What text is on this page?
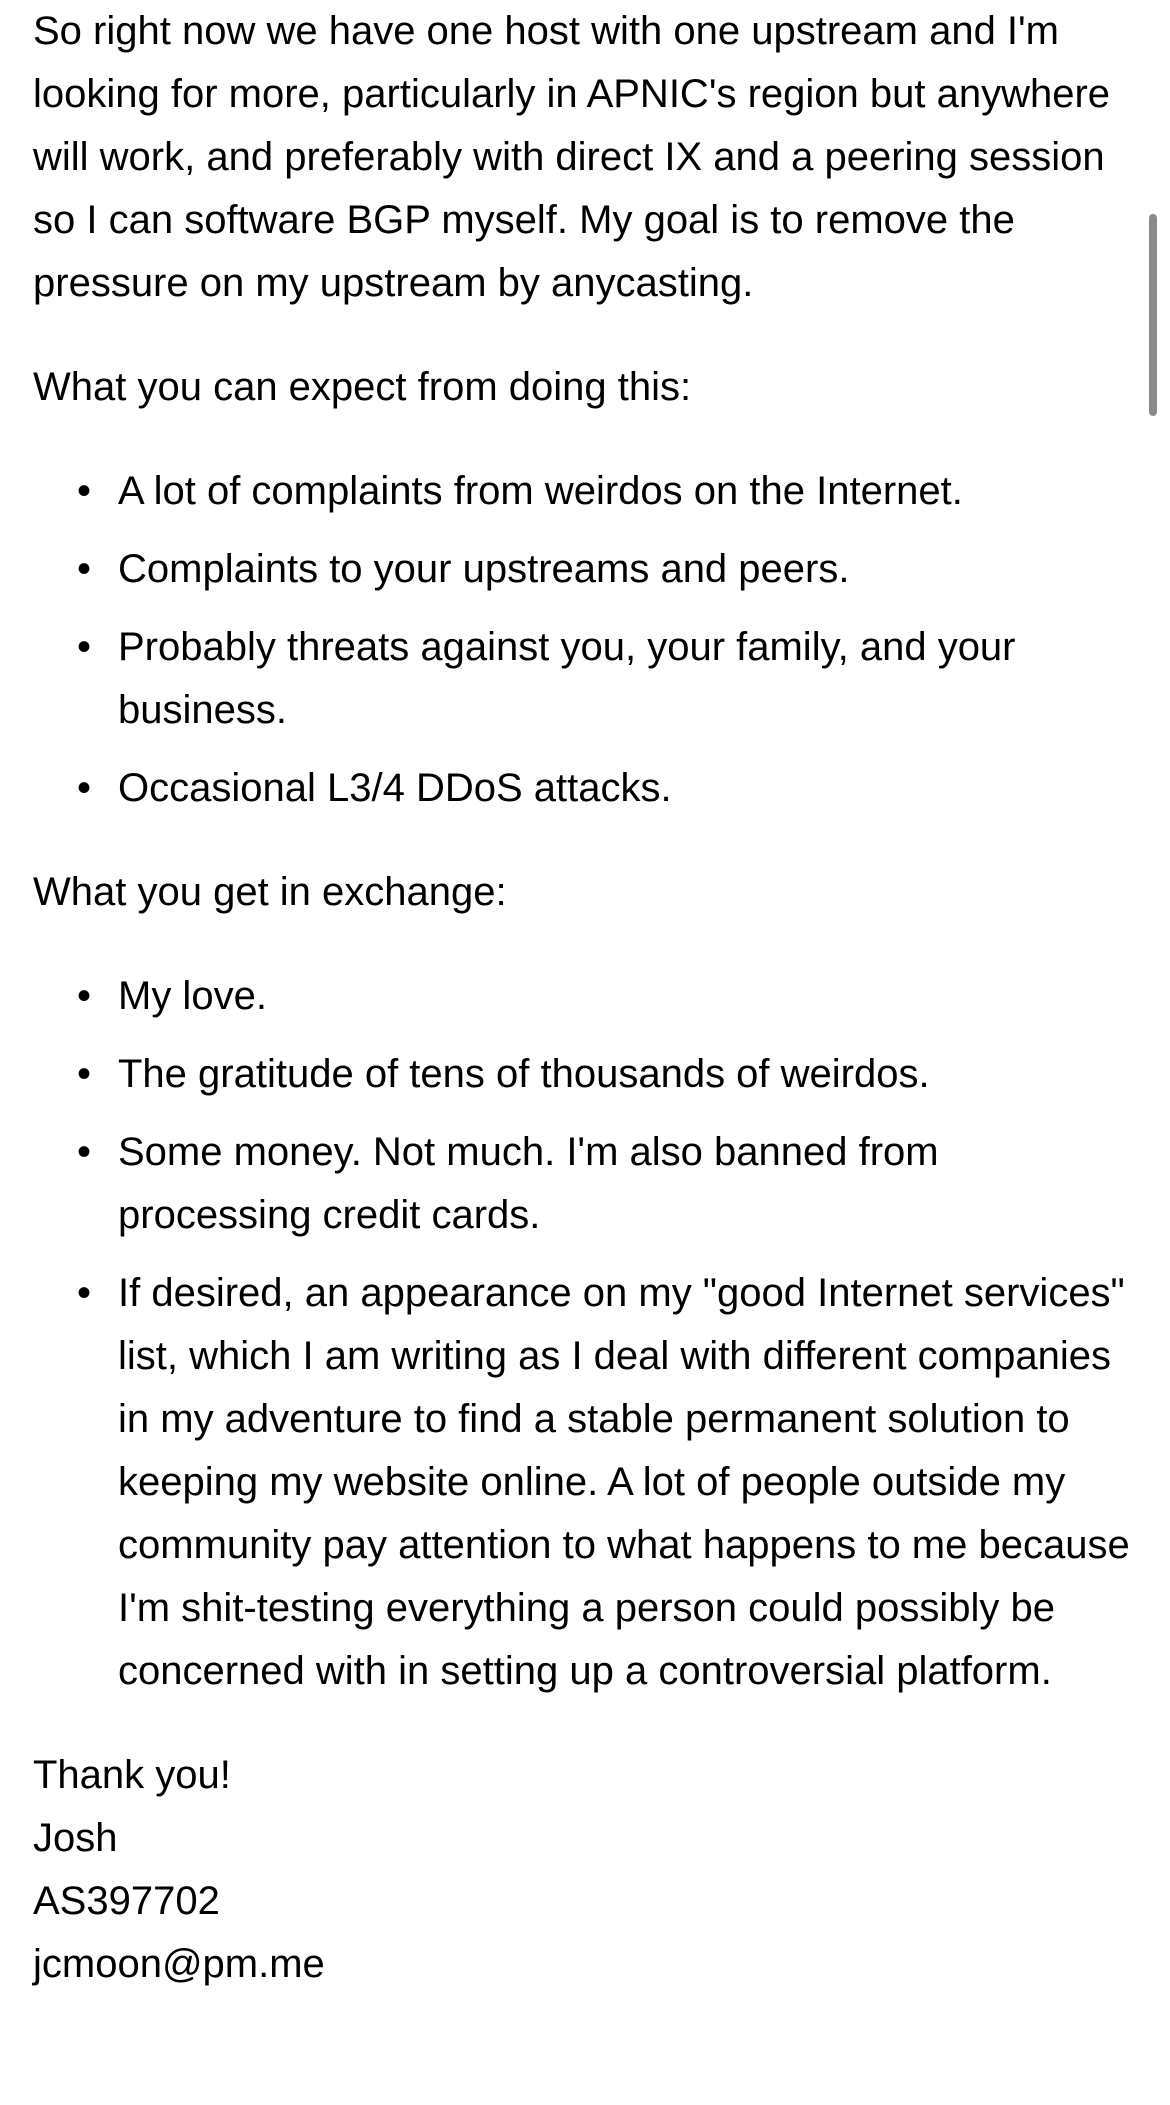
So right now we have one host with one upstream and I'm looking for more, particularly in APNIC's region but anywhere will work, and preferably with direct IX and a peering session so I can software BGP myself. My goal is to remove the pressure on my upstream by anycasting.

What you can expect from doing this:

• A lot of complaints from weirdos on the Internet.
• Complaints to your upstreams and peers.
• Probably threats against you, your family, and your business.
• Occasional L3/4 DDoS attacks.

What you get in exchange:

• My love.
• The gratitude of tens of thousands of weirdos.
• Some money. Not much. I'm also banned from processing credit cards.
• If desired, an appearance on my "good Internet services" list, which I am writing as I deal with different companies in my adventure to find a stable permanent solution to keeping my website online. A lot of people outside my community pay attention to what happens to me because I'm shit-testing everything a person could possibly be concerned with in setting up a controversial platform.
Thank you!
Josh
AS397702
jcmoon@pm.me
